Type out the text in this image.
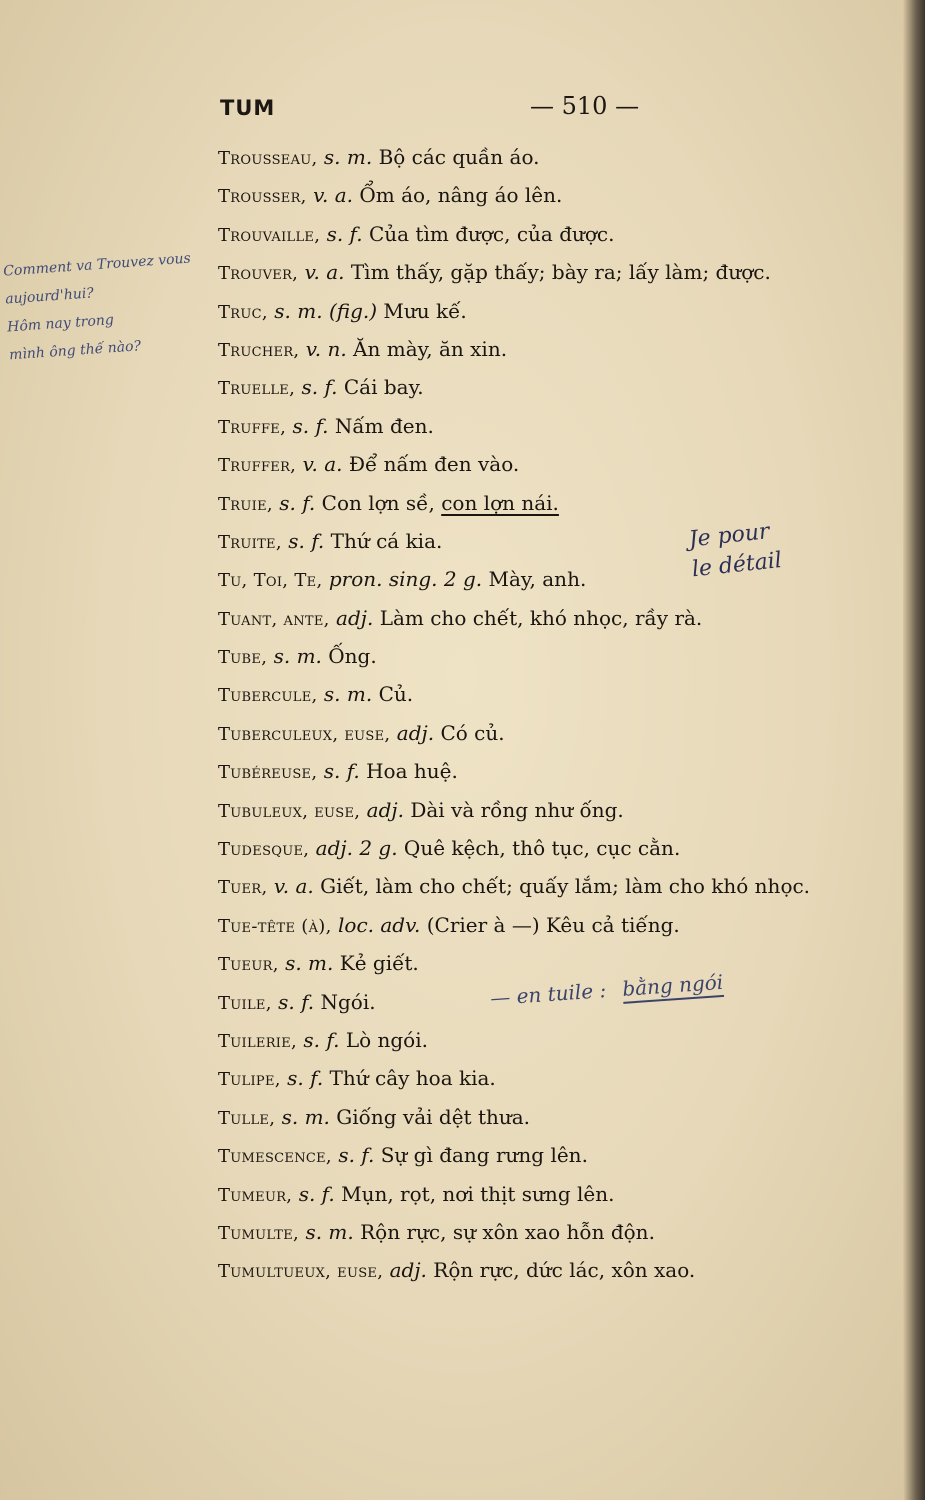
TUM	— 510 —
Trousseau, s. m. Bộ các quần áo.
Trousser, v. a. Ổm áo, nâng áo lên.
Trouvaille, s. f. Của tìm được, của được.
Trouver, v. a. Tìm thấy, gặp thấy; bày ra; lấy làm; được.
Truc, s. m. (fig.) Mưu kế.
Trucher, v. n. Ăn mày, ăn xin.
Truelle, s. f. Cái bay.
Truffe, s. f. Nấm đen.
Truffer, v. a. Để nấm đen vào.
Truie, s. f. Con lợn sề, con lợn nái.
Truite, s. f. Thứ cá kia.
Tu, Toi, Te, pron. sing. 2 g. Mày, anh.
Tuant, ante, adj. Làm cho chết, khó nhọc, rầy rà.
Tube, s. m. Ống.
Tubercule, s. m. Củ.
Tuberculeux, euse, adj. Có củ.
Tubéreuse, s. f. Hoa huệ.
Tubuleux, euse, adj. Dài và rồng như ống.
Tudesque, adj. 2 g. Quê kệch, thô tục, cục cằn.
Tuer, v. a. Giết, làm cho chết; quấy lắm; làm cho khó nhọc.
Tue-tête (à), loc. adv. (Crier à —) Kêu cả tiếng.
Tueur, s. m. Kẻ giết.
Tuile, s. f. Ngói.
Tuilerie, s. f. Lò ngói.
Tulipe, s. f. Thứ cây hoa kia.
Tulle, s. m. Giống vải dệt thưa.
Tumescence, s. f. Sự gì đang rưng lên.
Tumeur, s. f. Mụn, rọt, nơi thịt sưng lên.
Tumulte, s. m. Rộn rực, sự xôn xao hỗn độn.
Tumultueux, euse, adj. Rộn rực, dức lác, xôn xao.
Comment va Trouvez vous
aujourd'hui?
Hôm nay trong
mình ông thế nào?
Je pour
le détail
— en tuile : bằng ngói
